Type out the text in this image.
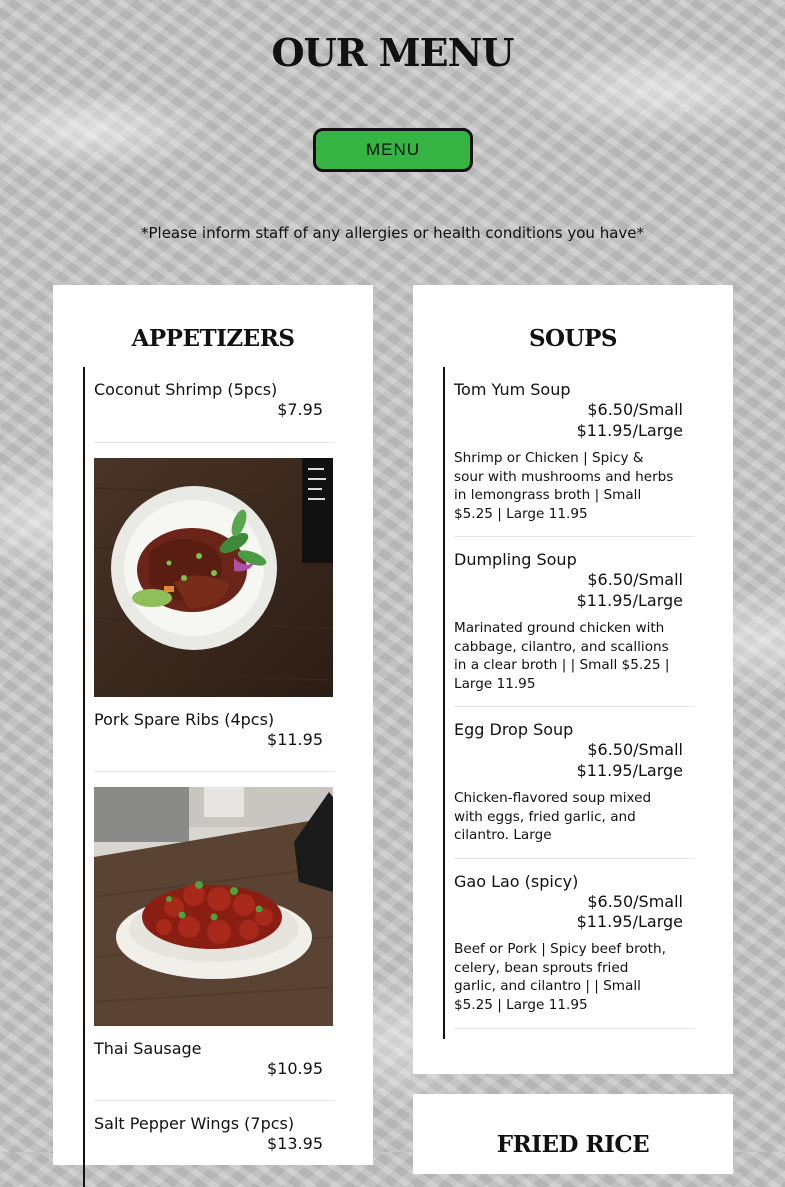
OUR MENU
MENU
*Please inform staff of any allergies or health conditions you have*
APPETIZERS
Coconut Shrimp (5pcs)
$7.95
Pork Spare Ribs (4pcs)
$11.95
Thai Sausage
$10.95
Salt Pepper Wings (7pcs)
$13.95
SOUPS
Tom Yum Soup
$6.50/Small
$11.95/Large
Shrimp or Chicken | Spicy & sour with mushrooms and herbs in lemongrass broth | Small $5.25 | Large 11.95
Dumpling Soup
$6.50/Small
$11.95/Large
Marinated ground chicken with cabbage, cilantro, and scallions in a clear broth | | Small $5.25 | Large 11.95
Egg Drop Soup
$6.50/Small
$11.95/Large
Chicken-flavored soup mixed with eggs, fried garlic, and cilantro. Large
Gao Lao (spicy)
$6.50/Small
$11.95/Large
Beef or Pork | Spicy beef broth, celery, bean sprouts fried garlic, and cilantro | | Small $5.25 | Large 11.95
FRIED RICE
